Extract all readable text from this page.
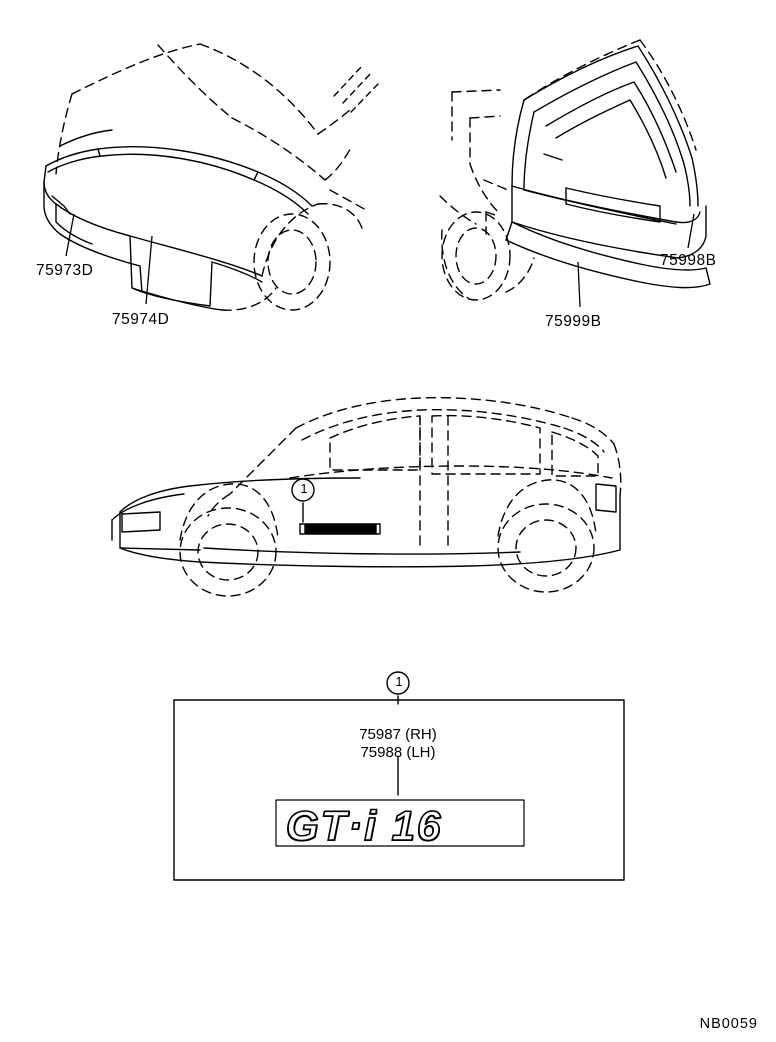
75973D
75974D
75998B
75999B
1
1
75987 (RH)
75988 (LH)
GT·i 16
NB0059
